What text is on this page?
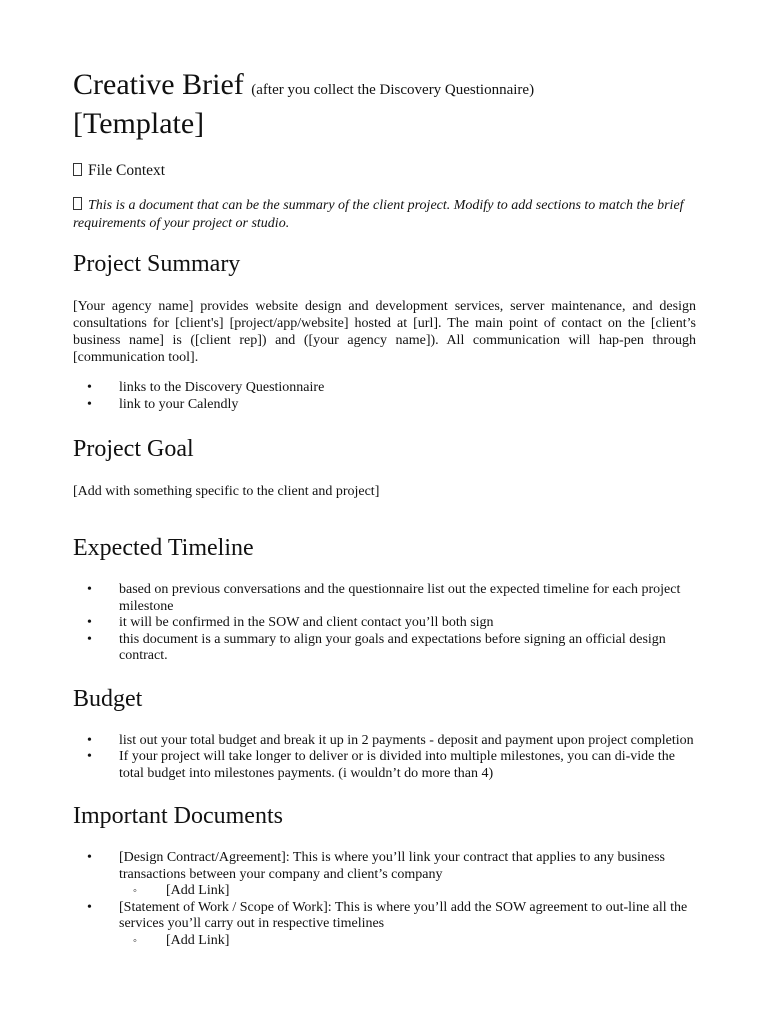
Creative Brief (after you collect the Discovery Questionnaire)
[Template]
File Context
This is a document that can be the summary of the client project. Modify to add sections to match the brief requirements of your project or studio.
Project Summary

[Your agency name] provides website design and development services, server maintenance, and design consultations for [client's] [project/app/website] hosted at [url]. The main point of contact on the [client’s business name] is ([client rep]) and ([your agency name]). All communication will hap-pen through [communication tool].

• links to the Discovery Questionnaire
• link to your Calendly
Project Goal

[Add with something specific to the client and project]

Expected Timeline
• based on previous conversations and the questionnaire list out the expected timeline for each project milestone
• it will be confirmed in the SOW and client contact you’ll both sign
• this document is a summary to align your goals and expectations before signing an official design contract.
Budget
• list out your total budget and break it up in 2 payments - deposit and payment upon project completion
• If your project will take longer to deliver or is divided into multiple milestones, you can di-vide the total budget into milestones payments. (i wouldn’t do more than 4)
Important Documents
• [Design Contract/Agreement]: This is where you’ll link your contract that applies to any business transactions between your company and client’s company
◦ [Add Link]
• [Statement of Work / Scope of Work]: This is where you’ll add the SOW agreement to out-line all the services you’ll carry out in respective timelines
◦ [Add Link]
